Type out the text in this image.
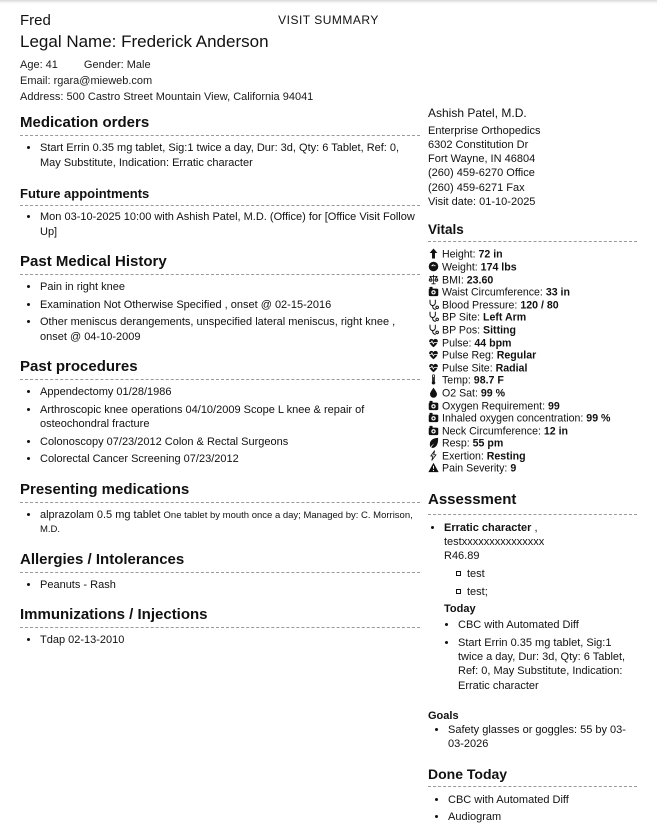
VISIT SUMMARY
Fred
Legal Name: Frederick Anderson
Age: 41 Gender: Male
Email: rgara@mieweb.com
Address: 500 Castro Street Mountain View, California 94041
Medication orders
• Start Errin 0.35 mg tablet, Sig:1 twice a day, Dur: 3d, Qty: 6 Tablet, Ref: 0, May Substitute, Indication: Erratic character
Future appointments
• Mon 03-10-2025 10:00 with Ashish Patel, M.D. (Office) for [Office Visit Follow Up]
Past Medical History
• Pain in right knee
• Examination Not Otherwise Specified , onset @ 02-15-2016
• Other meniscus derangements, unspecified lateral meniscus, right knee , onset @ 04-10-2009
Past procedures
• Appendectomy 01/28/1986
• Arthroscopic knee operations 04/10/2009 Scope L knee & repair of osteochondral fracture
• Colonoscopy 07/23/2012 Colon & Rectal Surgeons
• Colorectal Cancer Screening 07/23/2012
Presenting medications
• alprazolam 0.5 mg tablet One tablet by mouth once a day; Managed by: C. Morrison, M.D.
Allergies / Intolerances
• Peanuts - Rash
Immunizations / Injections
• Tdap 02-13-2010
Ashish Patel, M.D.
Enterprise Orthopedics
6302 Constitution Dr
Fort Wayne, IN 46804
(260) 459-6270 Office
(260) 459-6271 Fax
Visit date: 01-10-2025
Vitals
Height: 72 in
Weight: 174 lbs
BMI: 23.60
Waist Circumference: 33 in
Blood Pressure: 120 / 80
BP Site: Left Arm
BP Pos: Sitting
Pulse: 44 bpm
Pulse Reg: Regular
Pulse Site: Radial
Temp: 98.7 F
O2 Sat: 99 %
Oxygen Requirement: 99
Inhaled oxygen concentration: 99 %
Neck Circumference: 12 in
Resp: 55 pm
Exertion: Resting
Pain Severity: 9
Assessment
• Erratic character , testxxxxxxxxxxxxxxx
R46.89
test
test;
Today
• CBC with Automated Diff
• Start Errin 0.35 mg tablet, Sig:1 twice a day, Dur: 3d, Qty: 6 Tablet, Ref: 0, May Substitute, Indication: Erratic character
Goals
• Safety glasses or goggles: 55 by 03-03-2026
Done Today
• CBC with Automated Diff
• Audiogram
